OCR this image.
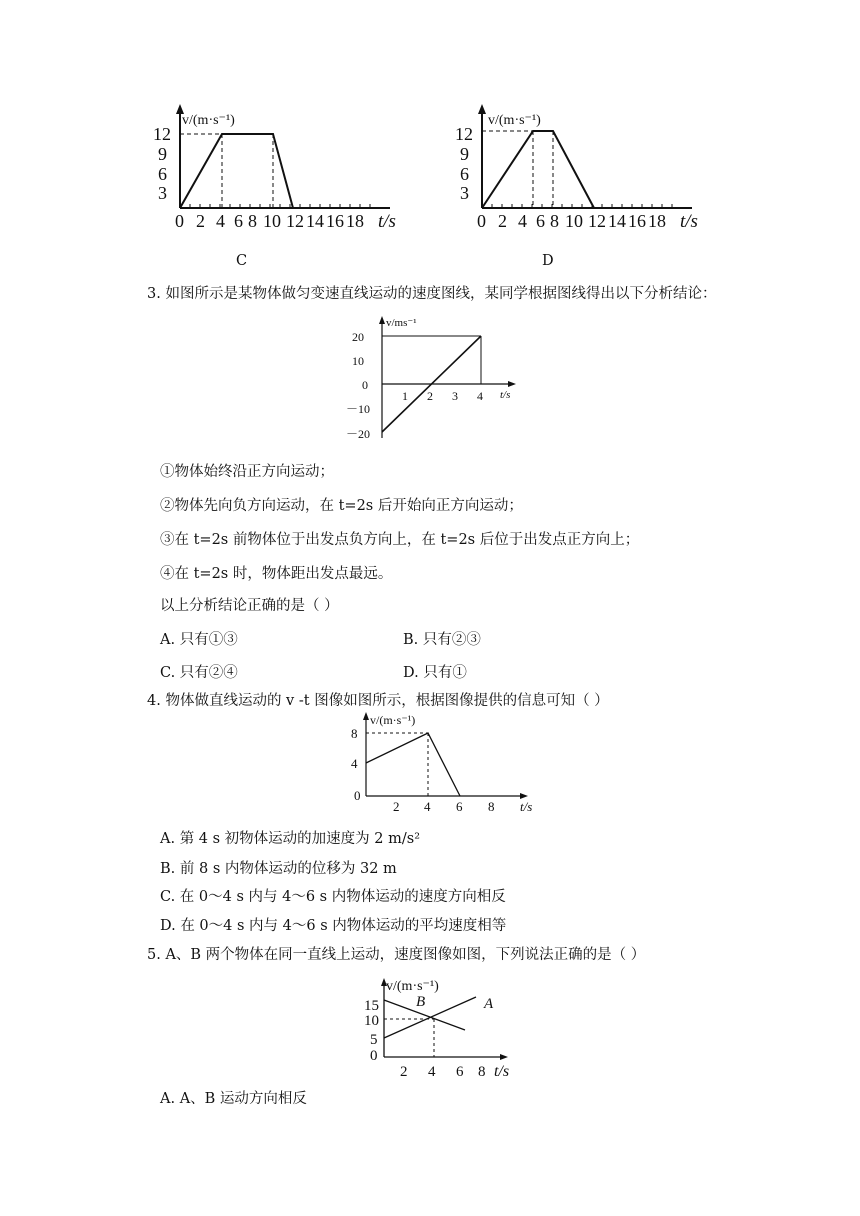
v/(m·s⁻¹)
12
9
6
3
0 2 4 6 8 10 12 14 16 18 t/s
C
v/(m·s⁻¹)
12
9
6
3
0 2 4 6 8 10 12 14 16 18 t/s
D
3. 如图所示是某物体做匀变速直线运动的速度图线，某同学根据图线得出以下分析结论：
v/ms⁻¹
20
10
0
－10
－20
1 2 3 4 t/s
①物体始终沿正方向运动；
②物体先向负方向运动，在 t=2s 后开始向正方向运动；
③在 t=2s 前物体位于出发点负方向上，在 t=2s 后位于出发点正方向上；
④在 t=2s 时，物体距出发点最远。
以上分析结论正确的是（ ）
A. 只有①③	B. 只有②③
C. 只有②④	D. 只有①
4. 物体做直线运动的 v -t 图像如图所示，根据图像提供的信息可知（ ）
v/(m·s⁻¹)
8
4
0
2 4 6 8 t/s
A. 第 4 s 初物体运动的加速度为 2 m/s²
B. 前 8 s 内物体运动的位移为 32 m
C. 在 0～4 s 内与 4～6 s 内物体运动的速度方向相反
D. 在 0～4 s 内与 4～6 s 内物体运动的平均速度相等
5. A、B 两个物体在同一直线上运动，速度图像如图，下列说法正确的是（ ）
v/(m·s⁻¹)
15
10
5
0
2 4 6 8 t/s
B	A
A. A、B 运动方向相反
